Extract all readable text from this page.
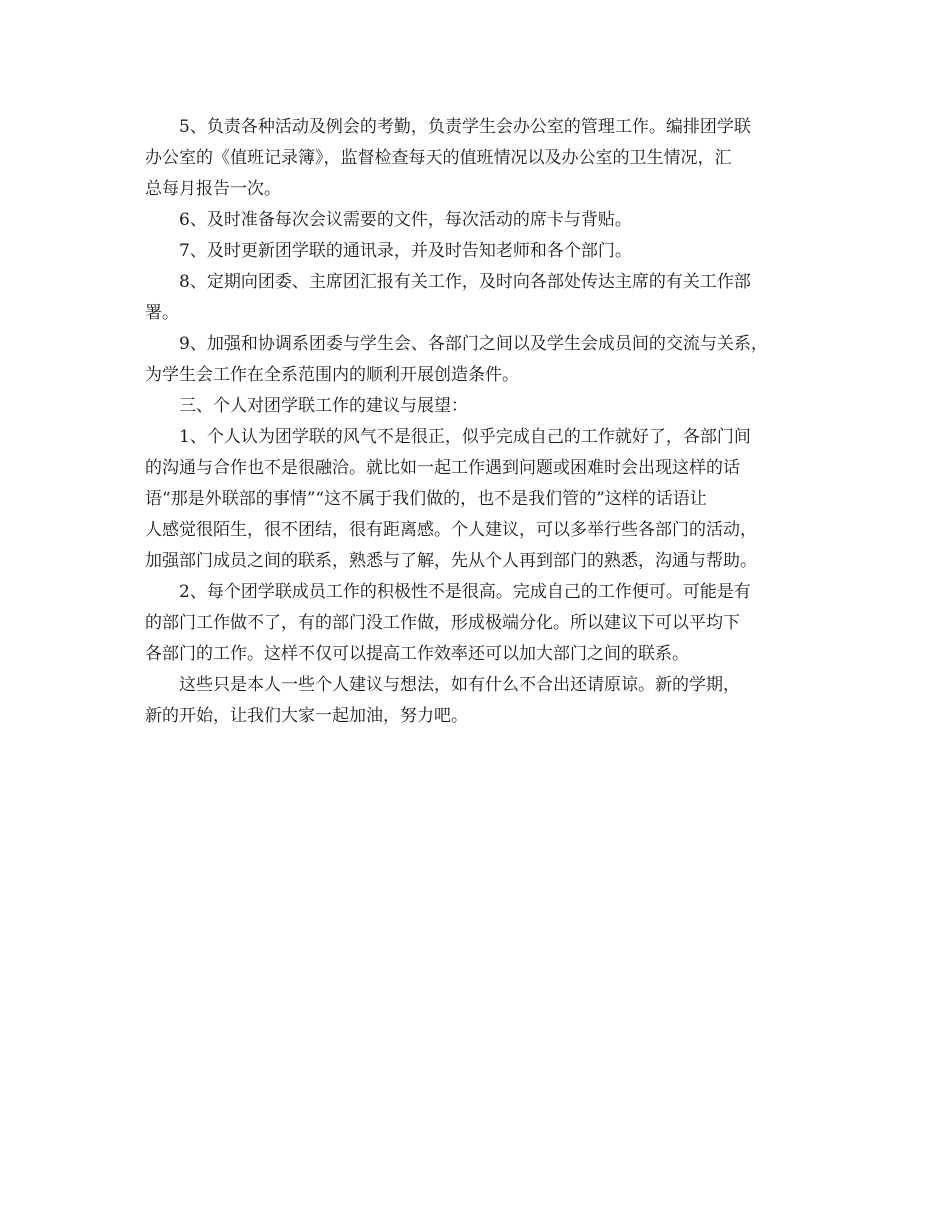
5、负责各种活动及例会的考勤，负责学生会办公室的管理工作。编排团学联
办公室的《值班记录簿》，监督检查每天的值班情况以及办公室的卫生情况，汇
总每月报告一次。
6、及时准备每次会议需要的文件，每次活动的席卡与背贴。
7、及时更新团学联的通讯录，并及时告知老师和各个部门。
8、定期向团委、主席团汇报有关工作，及时向各部处传达主席的有关工作部
署。
9、加强和协调系团委与学生会、各部门之间以及学生会成员间的交流与关系，
为学生会工作在全系范围内的顺利开展创造条件。
三、个人对团学联工作的建议与展望：
1、个人认为团学联的风气不是很正，似乎完成自己的工作就好了，各部门间
的沟通与合作也不是很融洽。就比如一起工作遇到问题或困难时会出现这样的话
语“那是外联部的事情”“这不属于我们做的，也不是我们管的”这样的话语让
人感觉很陌生，很不团结，很有距离感。个人建议，可以多举行些各部门的活动，
加强部门成员之间的联系，熟悉与了解，先从个人再到部门的熟悉，沟通与帮助。
2、每个团学联成员工作的积极性不是很高。完成自己的工作便可。可能是有
的部门工作做不了，有的部门没工作做，形成极端分化。所以建议下可以平均下
各部门的工作。这样不仅可以提高工作效率还可以加大部门之间的联系。
这些只是本人一些个人建议与想法，如有什么不合出还请原谅。新的学期，
新的开始，让我们大家一起加油，努力吧。
